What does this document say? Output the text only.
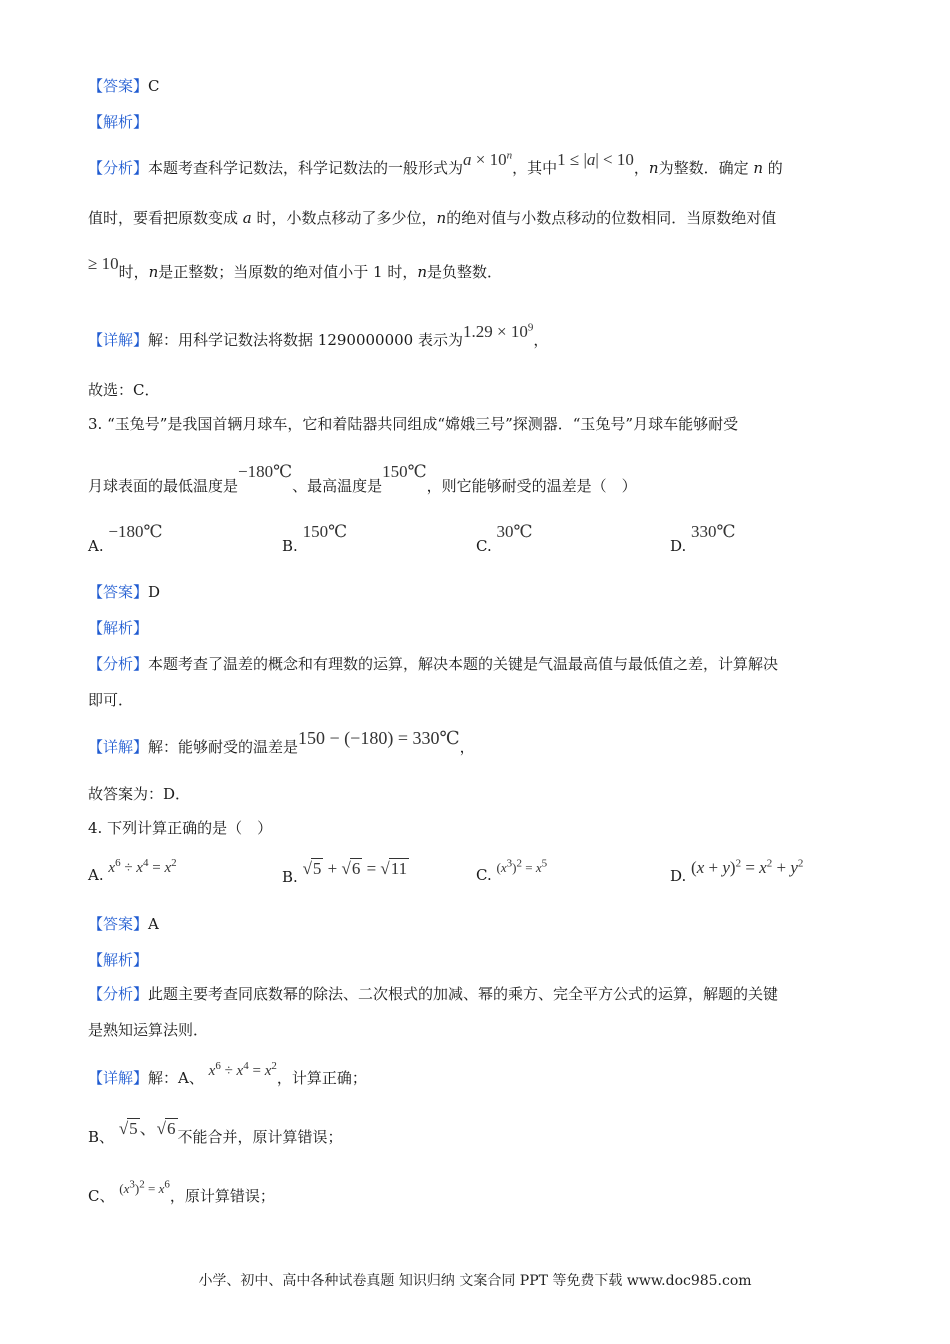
【答案】C
【解析】
【分析】本题考查科学记数法，科学记数法的一般形式为$a \times 10^n$，其中1 ≤ |a| < 10，n为整数．确定 n 的
值时，要看把原数变成 a 时，小数点移动了多少位，n的绝对值与小数点移动的位数相同．当原数绝对值
≥ 10时，n是正整数；当原数的绝对值小于 1 时，n是负整数．
【详解】解：用科学记数法将数据 1290000000 表示为$1.29 \times 10^9$，
故选：C．
3. “玉兔号”是我国首辆月球车，它和着陆器共同组成“嫦娥三号”探测器．“玉兔号”月球车能够耐受
月球表面的最低温度是−180℃、最高温度是150℃，则它能够耐受的温差是（　）
A. −180℃
B. 150℃
C. 30℃
D. 330℃
【答案】D
【解析】
【分析】本题考查了温差的概念和有理数的运算，解决本题的关键是气温最高值与最低值之差，计算解决
即可．
【详解】解：能够耐受的温差是150 − (−180) = 330℃，
故答案为：D．
4. 下列计算正确的是（　）
A. $x^6 \div x^4 = x^2$
B. √5 + √6 = √11	C. $(x^3)^2 = x^5$
D. $(x + y)^2 = x^2 + y^2$
【答案】A
【解析】
【分析】此题主要考查同底数幂的除法、二次根式的加减、幂的乘方、完全平方公式的运算，解题的关键
是熟知运算法则．
【详解】解：A、 $x^6 \div x^4 = x^2$，计算正确；
B、 √5 、√6 不能合并，原计算错误；
C、 $(x^3)^2 = x^6$，原计算错误；
小学、初中、高中各种试卷真题 知识归纳 文案合同 PPT 等免费下载 www.doc985.com
